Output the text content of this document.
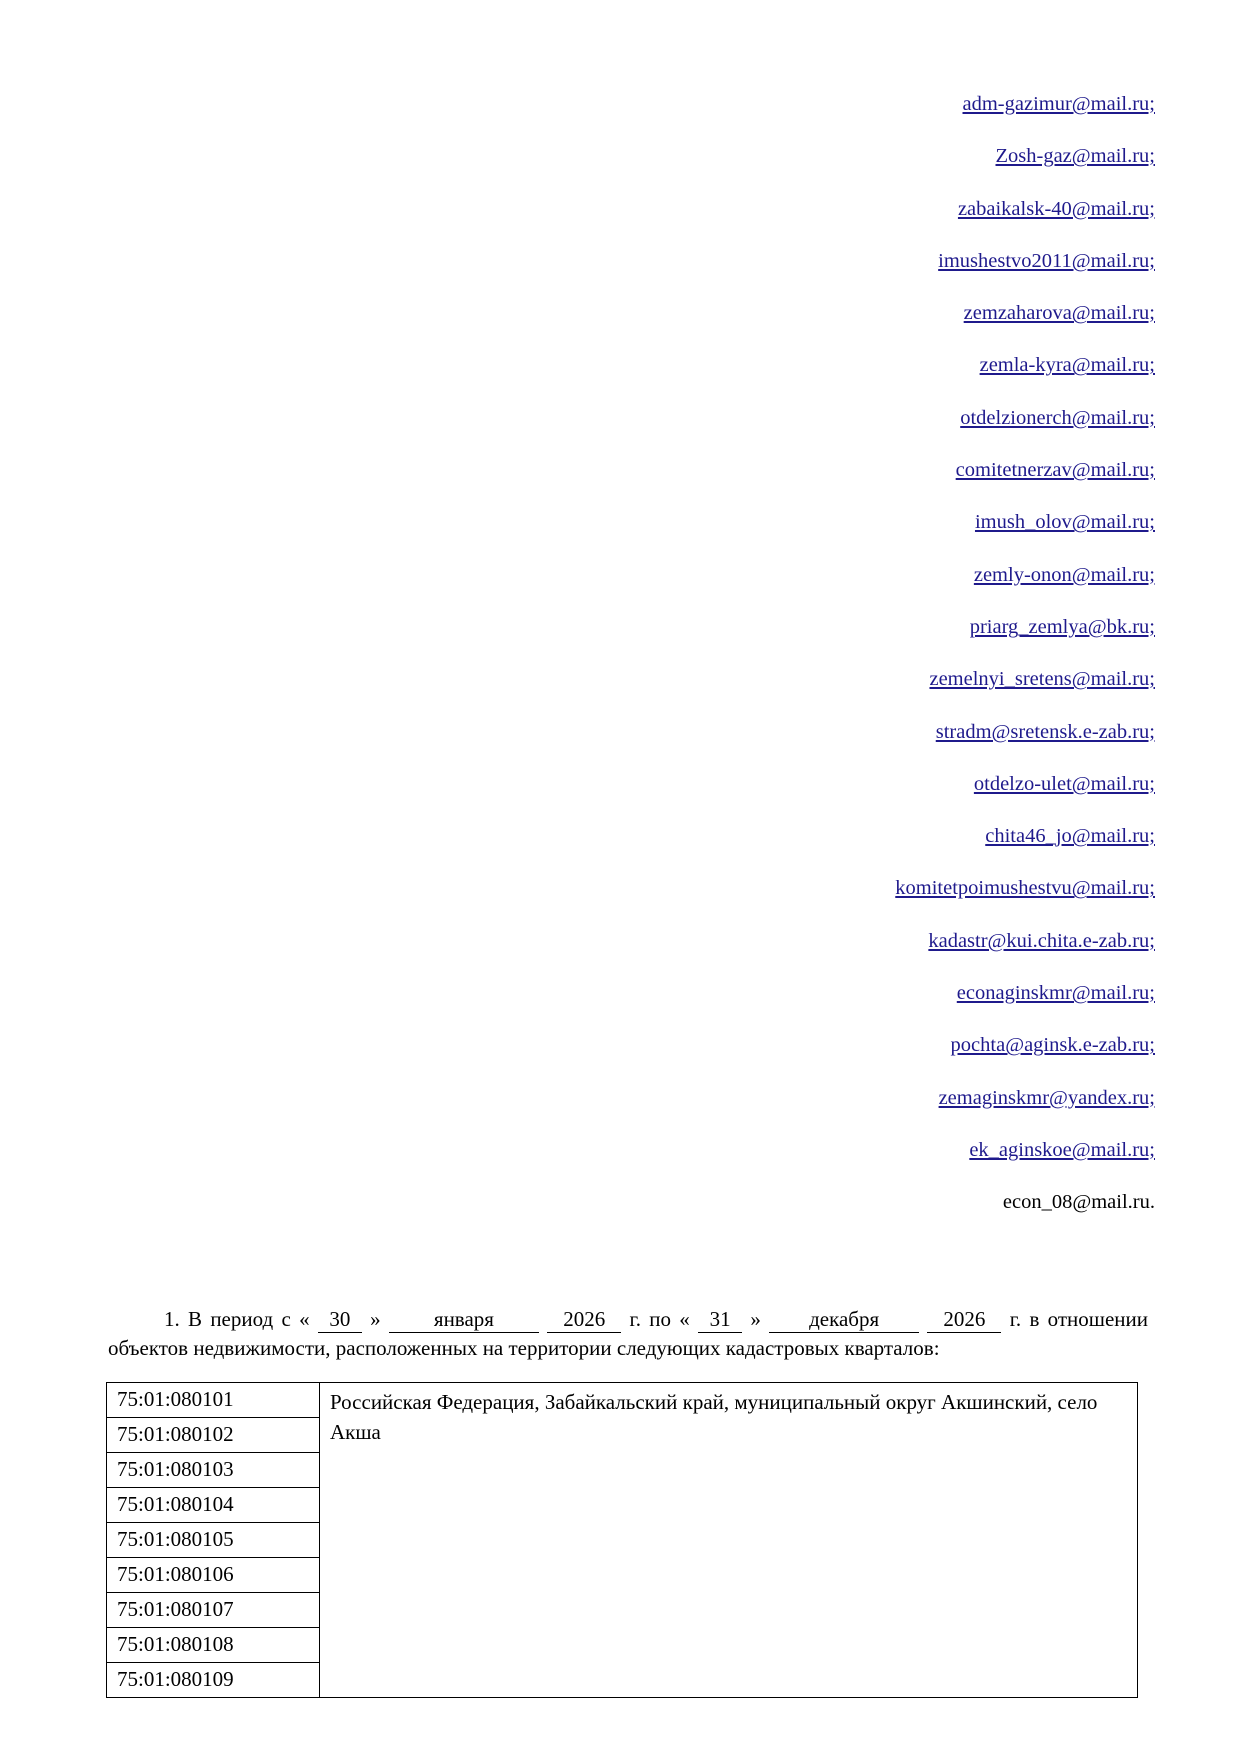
adm-gazimur@mail.ru;
Zosh-gaz@mail.ru;
zabaikalsk-40@mail.ru;
imushestvo2011@mail.ru;
zemzaharova@mail.ru;
zemla-kyra@mail.ru;
otdelzionerch@mail.ru;
comitetnerzav@mail.ru;
imush_olov@mail.ru;
zemly-onon@mail.ru;
priarg_zemlya@bk.ru;
zemelnyi_sretens@mail.ru;
stradm@sretensk.e-zab.ru;
otdelzo-ulet@mail.ru;
chita46_jo@mail.ru;
komitetpoimushestvu@mail.ru;
kadastr@kui.chita.e-zab.ru;
econaginskmr@mail.ru;
pochta@aginsk.e-zab.ru;
zemaginskmr@yandex.ru;
ek_aginskoe@mail.ru;
econ_08@mail.ru.
1. В период с « 30 »	января	2026 г. по « 31 » декабря	2026 г. в отношении объектов недвижимости, расположенных на территории следующих кадастровых кварталов:
75:01:080101	Российская Федерация, Забайкальский край, муниципальный округ Акшинский, село Акша

75:01:080102
75:01:080103
75:01:080104
75:01:080105
75:01:080106
75:01:080107
75:01:080108
75:01:080109
